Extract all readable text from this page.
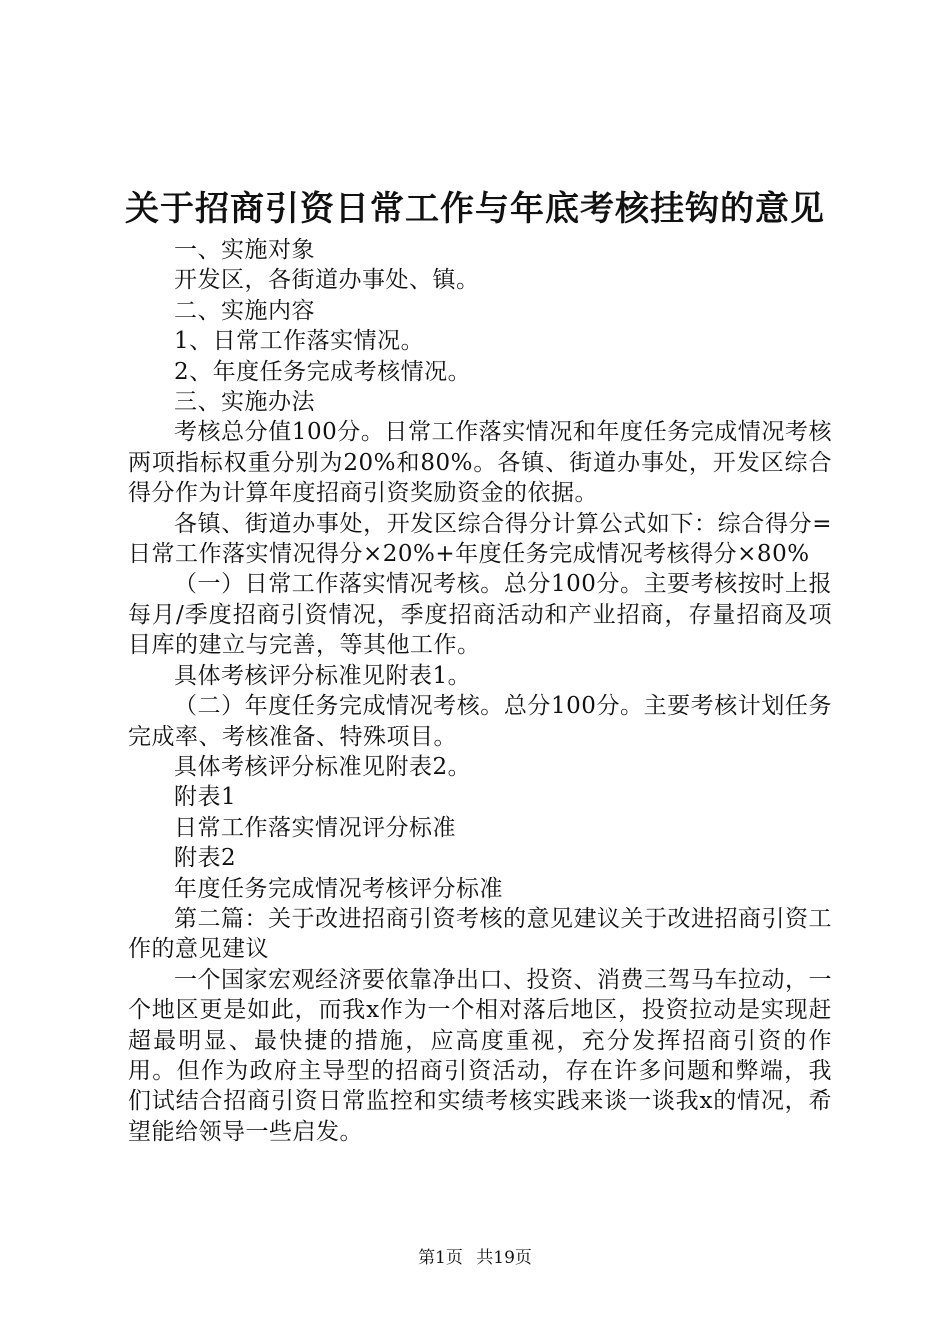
关于招商引资日常工作与年底考核挂钩的意见

一、实施对象

开发区，各街道办事处、镇。

二、实施内容

1、日常工作落实情况。

2、年度任务完成考核情况。

三、实施办法

考核总分值100分。日常工作落实情况和年度任务完成情况考核两项指标权重分别为20%和80%。各镇、街道办事处，开发区综合得分作为计算年度招商引资奖励资金的依据。

各镇、街道办事处，开发区综合得分计算公式如下：综合得分=日常工作落实情况得分×20%+年度任务完成情况考核得分×80%

（一）日常工作落实情况考核。总分100分。主要考核按时上报每月/季度招商引资情况，季度招商活动和产业招商，存量招商及项目库的建立与完善，等其他工作。

具体考核评分标准见附表1。

（二）年度任务完成情况考核。总分100分。主要考核计划任务完成率、考核准备、特殊项目。

具体考核评分标准见附表2。

附表1

日常工作落实情况评分标准

附表2

年度任务完成情况考核评分标准

第二篇：关于改进招商引资考核的意见建议关于改进招商引资工作的意见建议

一个国家宏观经济要依靠净出口、投资、消费三驾马车拉动，一个地区更是如此，而我x作为一个相对落后地区，投资拉动是实现赶超最明显、最快捷的措施，应高度重视，充分发挥招商引资的作用。但作为政府主导型的招商引资活动，存在许多问题和弊端，我们试结合招商引资日常监控和实绩考核实践来谈一谈我x的情况，希望能给领导一些启发。

第1页 共19页
